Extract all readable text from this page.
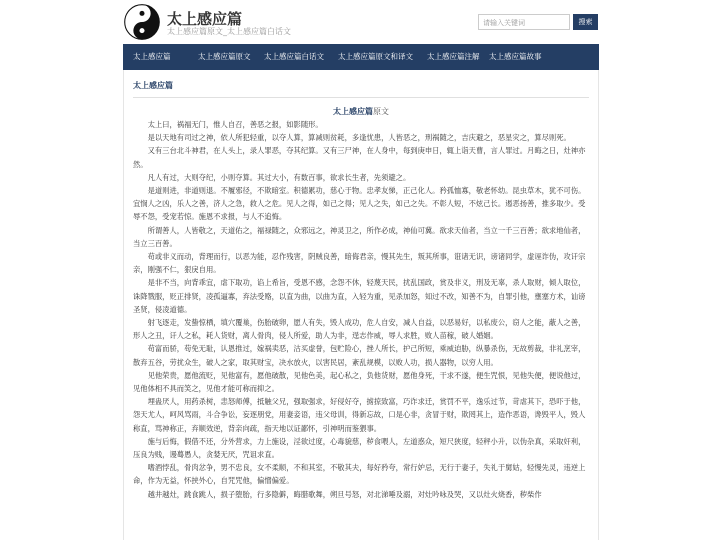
太上感应篇
太上感应篇原文_太上感应篇白话文
请输入关键词	搜索
太上感应篇	太上感应篇原文 太上感应篇白话文 太上感应篇原文和译文 太上感应篇注解 太上感应篇故事
太上感应篇
太上感应篇原文

太上曰，祸福无门，惟人自召，善恶之报，如影随形。

是以天地有司过之神，依人所犯轻重，以夺人算，算减则贫耗，多逢忧患，人皆恶之，刑祸随之，吉庆避之，恶星灾之，算尽则死。

又有三台北斗神君，在人头上，录人罪恶，夺其纪算。又有三尸神，在人身中，每到庚申日，辄上诣天曹，言人罪过。月晦之日，灶神亦然。

凡人有过，大则夺纪，小则夺算。其过大小，有数百事，欲求长生者，先须避之。

是道则进，非道则退。不履邪径，不欺暗室。积德累功，慈心于物。忠孝友悌，正己化人。矜孤恤寡，敬老怀幼。昆虫草木，犹不可伤。宜悯人之凶，乐人之善，济人之急，救人之危。见人之得，如己之得；见人之失，如己之失。不彰人短，不炫己长。遏恶扬善，推多取少。受辱不怨，受宠若惊。施恩不求报，与人不追悔。

所谓善人，人皆敬之，天道佑之，福禄随之，众邪远之，神灵卫之，所作必成，神仙可冀。欲求天仙者，当立一千三百善；欲求地仙者，当立三百善。

苟或非义而动，背理而行，以恶为能，忍作残害，阴贼良善，暗侮君亲，慢其先生，叛其所事，诳诸无识，谤诸同学，虚诬诈伪，攻讦宗亲，刚强不仁，狠戾自用。

是非不当，向背乖宜，虐下取功，谄上希旨，受恩不感，念怨不休，轻蔑天民，扰乱国政，赏及非义，刑及无辜，杀人取财，倾人取位，诛降戮服，贬正排贤，凌孤逼寡，弃法受赂，以直为曲，以曲为直，入轻为重，见杀加怒，知过不改，知善不为，自罪引他，壅塞方术，讪谤圣贤，侵凌道德。

射飞逐走，发蛰惊栖，填穴覆巢，伤胎破卵，愿人有失，毁人成功，危人自安，减人自益，以恶易好，以私废公，窃人之能，蔽人之善，形人之丑，讦人之私，耗人货财，离人骨肉，侵人所爱，助人为非，逞志作威，辱人求胜，败人苗稼，破人婚姻。

苟富而骄，苟免无耻，认恩推过，嫁祸卖恶，沽买虚誉，包贮险心，挫人所长，护己所短，乘威迫胁，纵暴杀伤，无故剪裁，非礼烹宰，散弃五谷，劳扰众生，破人之家，取其财宝，决水放火，以害民居，紊乱规模，以败人功，损人器物，以穷人用。

见他荣贵，愿他流贬，见他富有，愿他破散，见他色美，起心私之，负他货财，愿他身死，干求不遂，便生咒恨，见他失便，便说他过，见他体相不具而笑之，见他才能可称而抑之。

埋蛊厌人，用药杀树，恚怒师傅，抵触父兄，强取强求，好侵好夺，掳掠致富，巧诈求迁，赏罚不平，逸乐过节，苛虐其下，恐吓于他，怨天尤人，呵风骂雨，斗合争讼，妄逐朋党，用妻妾语，违父母训，得新忘故，口是心非，贪冒于财，欺罔其上，造作恶语，谗毁平人，毁人称直，骂神称正，弃顺效逆，背亲向疏，指天地以证鄙怀，引神明而鉴猥事。

施与后悔，假借不还，分外营求，力上施设，淫欲过度，心毒貌慈，秽食喂人，左道惑众，短尺狭度，轻秤小升，以伪杂真，采取奸利，压良为贱，谩蓦愚人，贪婪无厌，咒诅求直。

嗜酒悖乱，骨肉忿争，男不忠良，女不柔顺，不和其室，不敬其夫，每好矜夸，常行妒忌，无行于妻子，失礼于舅姑，轻慢先灵，违逆上命，作为无益，怀挟外心，自咒咒他，偏憎偏爱。

越井越灶，跳食跳人，损子堕胎，行多隐僻，晦腊歌舞，朔旦号怒，对北涕唾及溺，对灶吟咏及哭，又以灶火烧香，秽柴作
